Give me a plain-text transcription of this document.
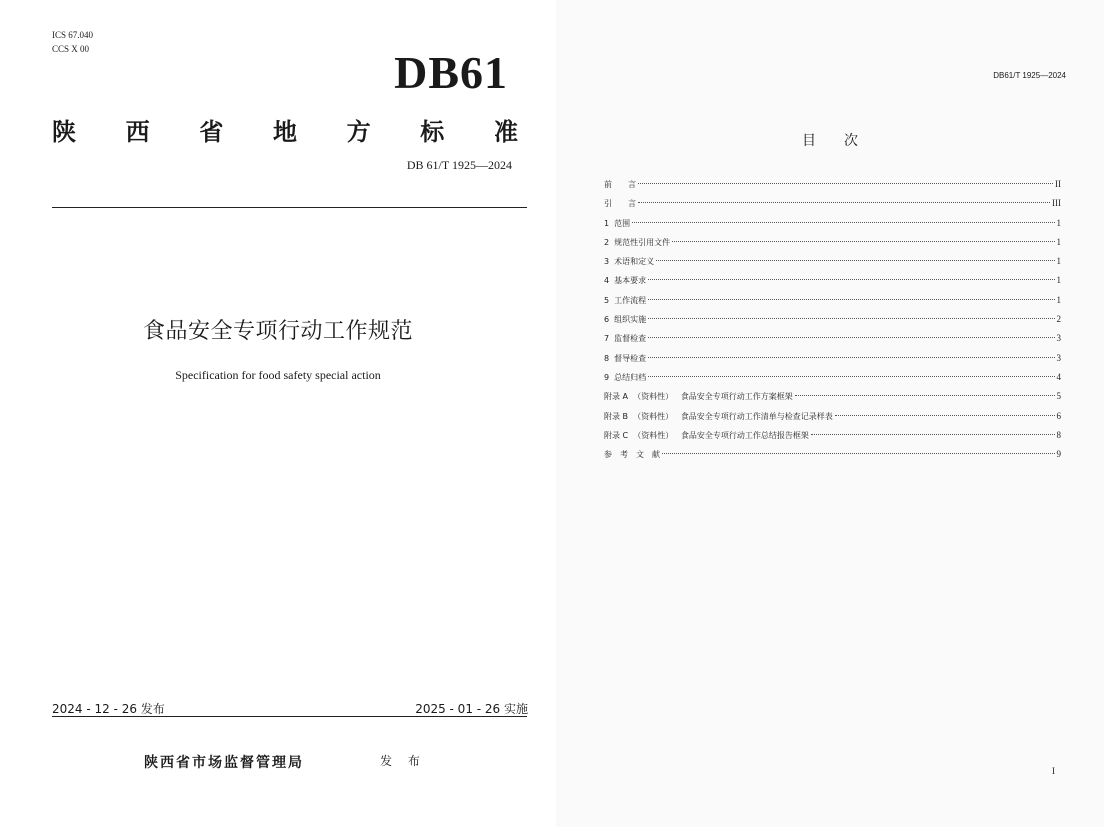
ICS 67.040
CCS X 00	DB61
陕 西 省 地 方 标 准
DB 61/T 1925—2024
食品安全专项行动工作规范
Specification for food safety special action
2024 - 12 - 26 发布	2025 - 01 - 26 实施
陕西省市场监督管理局	发 布
DB61/T 1925—2024
目次
前　　言	II
引　　言	III
1  范围	1
2  规范性引用文件	1
3  术语和定义	1
4  基本要求	1
5  工作流程	1
6  组织实施	2
7  监督检查	3
8  督导检查	3
9  总结归档	4
附录 A  （资料性）   食品安全专项行动工作方案框架	5
附录 B  （资料性）   食品安全专项行动工作清单与检查记录样表	6
附录 C  （资料性）   食品安全专项行动工作总结报告框架	8
参　考　文　献	9
I
